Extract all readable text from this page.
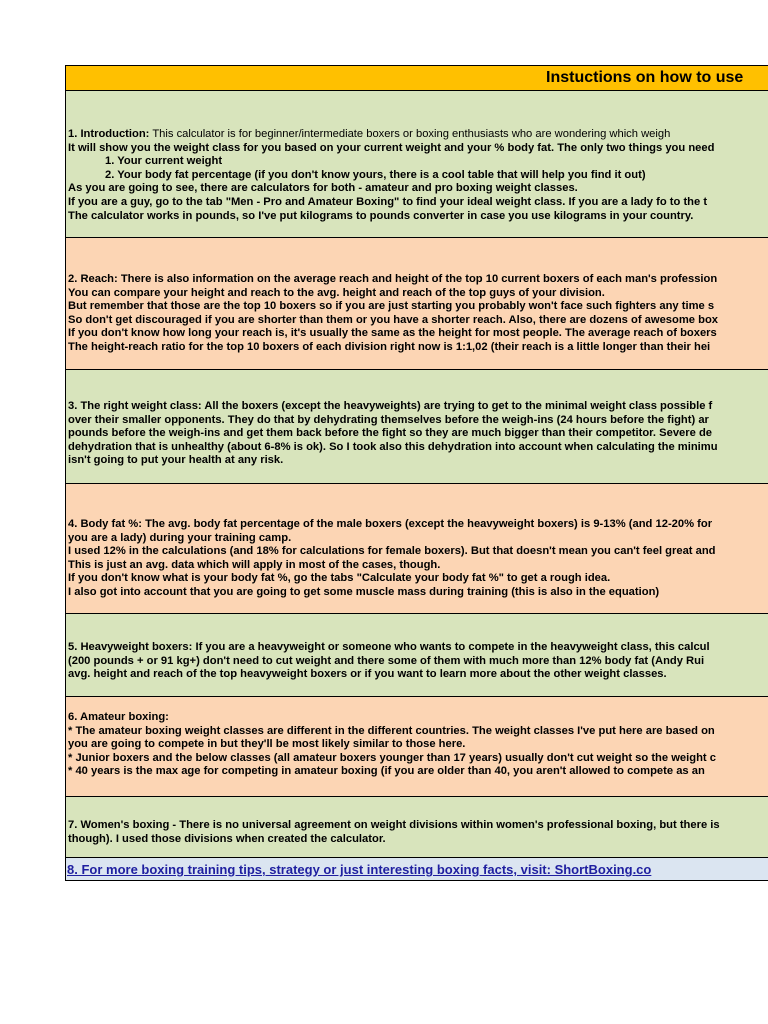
Instuctions on how to use
1. Introduction: This calculator is for beginner/intermediate boxers or boxing enthusiasts who are wondering which weigh
It will show you the weight class for you based on your current weight and your % body fat. The only two things you need
1. Your current weight
2. Your body fat percentage (if you don't know yours, there is a cool table that will help you find it out)
As you are going to see, there are calculators for both - amateur and pro boxing weight classes.
If you are a guy, go to the tab "Men - Pro and Amateur Boxing" to find your ideal weight class. If you are a lady fo to the t
The calculator works in pounds, so I've put kilograms to pounds converter in case you use kilograms in your country.
2. Reach: There is also information on the average reach and height of the top 10 current boxers of each man's profession
You can compare your height and reach to the avg. height and reach of the top guys of your division.
But remember that those are the top 10 boxers so if you are just starting you probably won't face such fighters any time s
So don't get discouraged if you are shorter than them or you have a shorter reach. Also, there are dozens of awesome box
If you don't know how long your reach is, it's usually the same as the height for most people. The average reach of boxers
The height-reach ratio for the top 10 boxers of each division right now is 1:1,02 (their reach is a little longer than their hei
3. The right weight class: All the boxers (except the heavyweights) are trying to get to the minimal weight class possible f
over their smaller opponents. They do that by dehydrating themselves before the weigh-ins (24 hours before the fight) ar
pounds before the weigh-ins and get them back before the fight so they are much bigger than their competitor. Severe de
dehydration that is unhealthy (about 6-8% is ok). So I took also this dehydration into account when calculating the minimu
isn't going to put your health at any risk.
4. Body fat %: The avg. body fat percentage of the male boxers (except the heavyweight boxers) is 9-13% (and 12-20% for
you are a lady) during your training camp.
I used 12% in the calculations (and 18% for calculations for female boxers). But that doesn't mean you can't feel great and
This is just an avg. data which will apply in most of the cases, though.
If you don't know what is your body fat %, go the tabs "Calculate your body fat %" to get a rough idea.
I also got into account that you are going to get some muscle mass during training (this is also in the equation)
5. Heavyweight boxers: If you are a heavyweight or someone who wants to compete in the heavyweight class, this calcul
(200 pounds + or 91 kg+) don't need to cut weight and there some of them with much more than 12% body fat (Andy Rui
avg. height and reach of the top heavyweight boxers or if you want to learn more about the other weight classes.
6. Amateur boxing:
* The amateur boxing weight classes are different in the different countries. The weight classes I've put here are based on
you are going to compete in but they'll be most likely similar to those here.
* Junior boxers and the below classes (all amateur boxers younger than 17 years) usually don't cut weight so the weight c
* 40 years is the max age for competing in amateur boxing (if you are older than 40, you aren't allowed to compete as an
7. Women's boxing - There is no universal agreement on weight divisions within women's professional boxing, but there is
though). I used those divisions when created the calculator.
8. For more boxing training tips, strategy or just interesting boxing facts, visit: ShortBoxing.co
